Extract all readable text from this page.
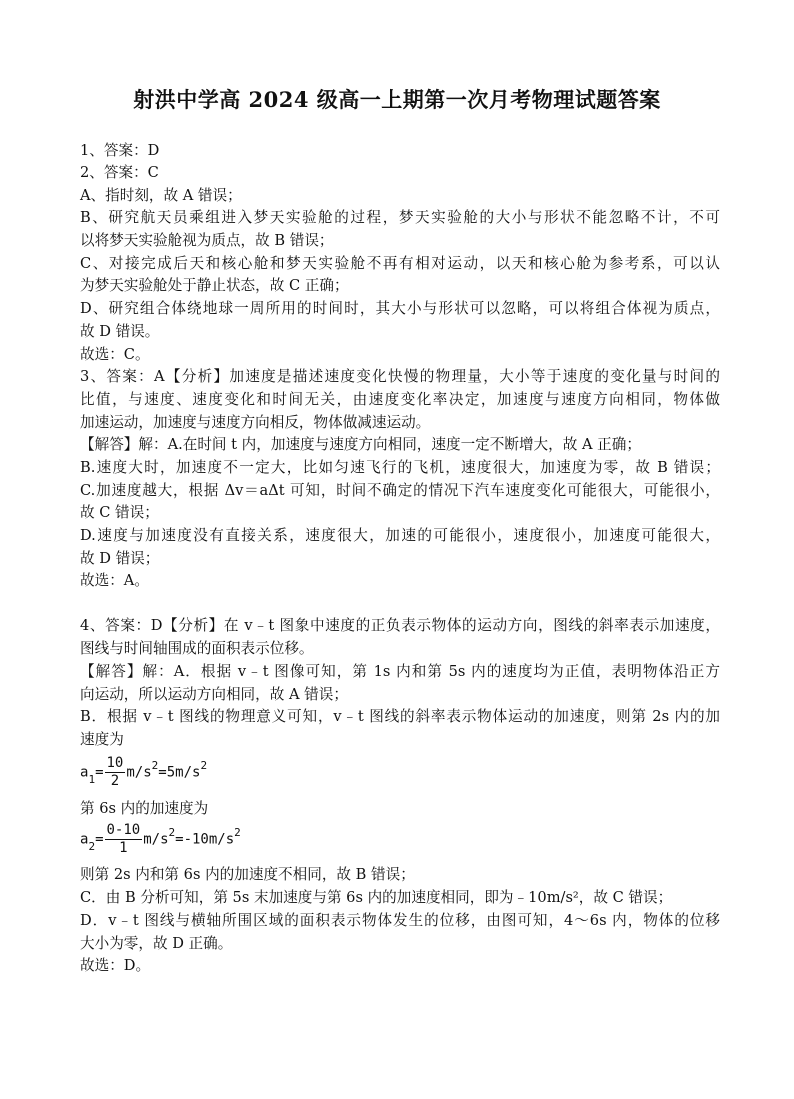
射洪中学高 2024 级高一上期第一次月考物理试题答案
1、答案：D
2、答案：C
A、指时刻，故 A 错误；
B、研究航天员乘组进入梦天实验舱的过程，梦天实验舱的大小与形状不能忽略不计，不可
以将梦天实验舱视为质点，故 B 错误；
C、对接完成后天和核心舱和梦天实验舱不再有相对运动，以天和核心舱为参考系，可以认
为梦天实验舱处于静止状态，故 C 正确；
D、研究组合体绕地球一周所用的时间时，其大小与形状可以忽略，可以将组合体视为质点，
故 D 错误。
故选：C。
3、答案：A【分析】加速度是描述速度变化快慢的物理量，大小等于速度的变化量与时间的
比值，与速度、速度变化和时间无关，由速度变化率决定，加速度与速度方向相同，物体做
加速运动，加速度与速度方向相反，物体做减速运动。
【解答】解：A.在时间 t 内，加速度与速度方向相同，速度一定不断增大，故 A 正确；
B.速度大时，加速度不一定大，比如匀速飞行的飞机，速度很大，加速度为零，故 B 错误；
C.加速度越大，根据 Δv＝aΔt 可知，时间不确定的情况下汽车速度变化可能很大，可能很小，
故 C 错误；
D.速度与加速度没有直接关系，速度很大，加速的可能很小，速度很小，加速度可能很大，
故 D 错误；
故选：A。
4、答案：D【分析】在 v﹣t 图象中速度的正负表示物体的运动方向，图线的斜率表示加速度，
图线与时间轴围成的面积表示位移。
【解答】解：A．根据 v﹣t 图像可知，第 1s 内和第 5s 内的速度均为正值，表明物体沿正方
向运动，所以运动方向相同，故 A 错误；
B．根据 v﹣t 图线的物理意义可知，v﹣t 图线的斜率表示物体运动的加速度，则第 2s 内的加
速度为
$a_1= \frac{10}{2} m/s^2=5m/s^2$
第 6s 内的加速度为
$a_2= \frac{0-10}{1} m/s^2=-10m/s^2$
则第 2s 内和第 6s 内的加速度不相同，故 B 错误；
C．由 B 分析可知，第 5s 末加速度与第 6s 内的加速度相同，即为﹣10m/s²，故 C 错误；
D．v﹣t 图线与横轴所围区域的面积表示物体发生的位移，由图可知，4～6s 内，物体的位移
大小为零，故 D 正确。
故选：D。
